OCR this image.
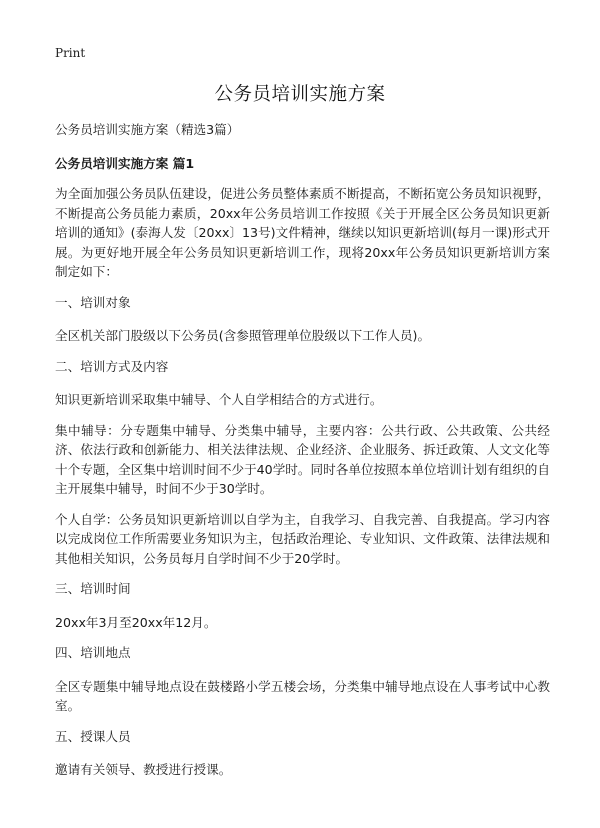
Print
公务员培训实施方案

公务员培训实施方案（精选3篇）

公务员培训实施方案 篇1

为全面加强公务员队伍建设，促进公务员整体素质不断提高，不断拓宽公务员知识视野，不断提高公务员能力素质，20xx年公务员培训工作按照《关于开展全区公务员知识更新培训的通知》(泰海人发〔20xx〕13号)文件精神，继续以知识更新培训(每月一课)形式开展。为更好地开展全年公务员知识更新培训工作，现将20xx年公务员知识更新培训方案制定如下：

一、培训对象

全区机关部门股级以下公务员(含参照管理单位股级以下工作人员)。

二、培训方式及内容

知识更新培训采取集中辅导、个人自学相结合的方式进行。

集中辅导：分专题集中辅导、分类集中辅导，主要内容：公共行政、公共政策、公共经济、依法行政和创新能力、相关法律法规、企业经济、企业服务、拆迁政策、人文文化等十个专题，全区集中培训时间不少于40学时。同时各单位按照本单位培训计划有组织的自主开展集中辅导，时间不少于30学时。

个人自学：公务员知识更新培训以自学为主，自我学习、自我完善、自我提高。学习内容以完成岗位工作所需要业务知识为主，包括政治理论、专业知识、文件政策、法律法规和其他相关知识，公务员每月自学时间不少于20学时。

三、培训时间

20xx年3月至20xx年12月。

四、培训地点

全区专题集中辅导地点设在鼓楼路小学五楼会场，分类集中辅导地点设在人事考试中心教室。

五、授课人员

邀请有关领导、教授进行授课。
